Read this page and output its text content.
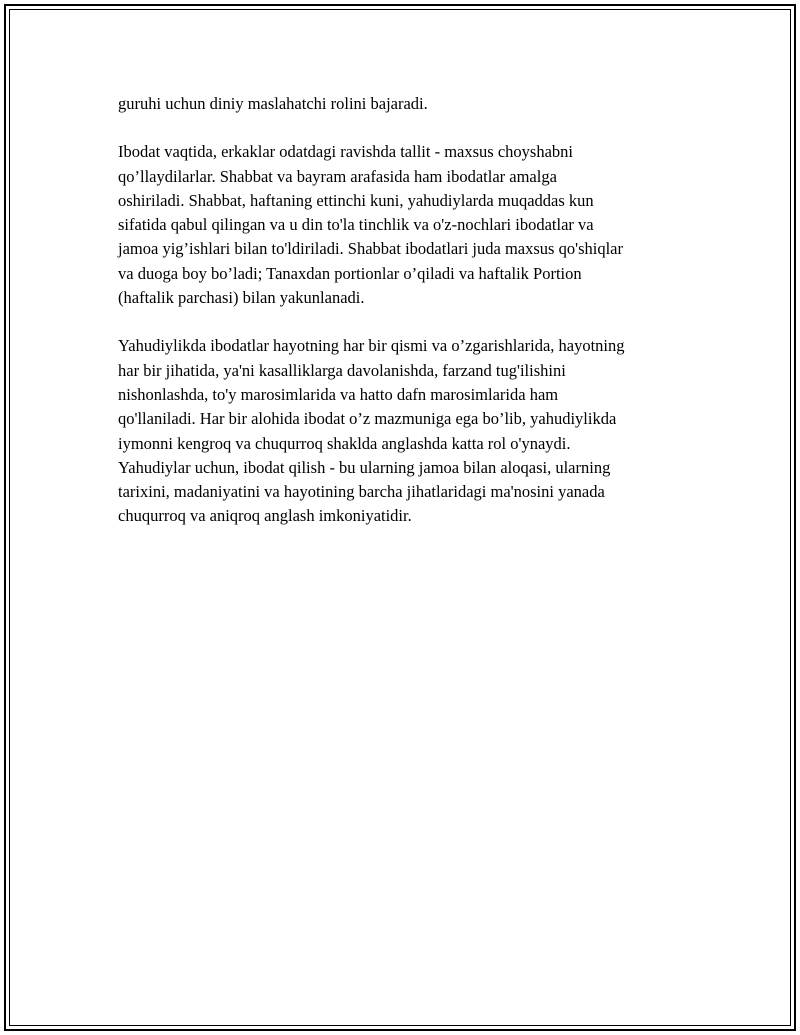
guruhi uchun diniy maslahatchi rolini bajaradi.

Ibodat vaqtida, erkaklar odatdagi ravishda tallit - maxsus choyshabni
qo’llaydilarlar. Shabbat va bayram arafasida ham ibodatlar amalga
oshiriladi. Shabbat, haftaning ettinchi kuni, yahudiylarda muqaddas kun
sifatida qabul qilingan va u din to'la tinchlik va o'z-nochlari ibodatlar va
jamoa yig’ishlari bilan to'ldiriladi. Shabbat ibodatlari juda maxsus qo'shiqlar
va duoga boy bo’ladi; Tanaxdan portionlar o’qiladi va haftalik Portion
(haftalik parchasi) bilan yakunlanadi.

Yahudiylikda ibodatlar hayotning har bir qismi va o’zgarishlarida, hayotning
har bir jihatida, ya'ni kasalliklarga davolanishda, farzand tug'ilishini
nishonlashda, to'y marosimlarida va hatto dafn marosimlarida ham
qo'llaniladi. Har bir alohida ibodat o’z mazmuniga ega bo’lib, yahudiylikda
iymonni kengroq va chuqurroq shaklda anglashda katta rol o'ynaydi.
Yahudiylar uchun, ibodat qilish - bu ularning jamoa bilan aloqasi, ularning
tarixini, madaniyatini va hayotining barcha jihatlaridagi ma'nosini yanada
chuqurroq va aniqroq anglash imkoniyatidir.
